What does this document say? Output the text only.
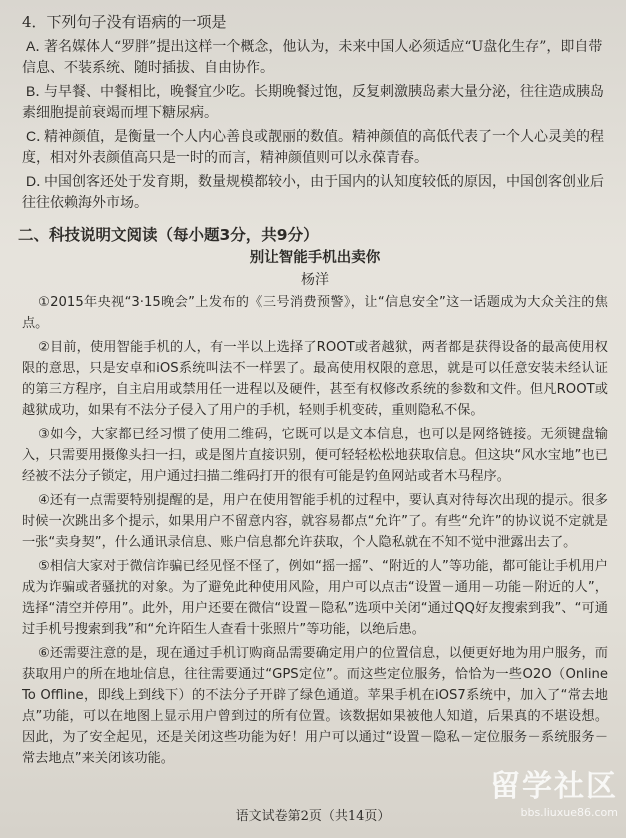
4．下列句子没有语病的一项是
A．著名媒体人“罗胖”提出这样一个概念，他认为，未来中国人必须适应“U盘化生存”，即自带信息、不装系统、随时插拔、自由协作。
B．与早餐、中餐相比，晚餐宜少吃。长期晚餐过饱，反复刺激胰岛素大量分泌，往往造成胰岛素细胞提前衰竭而埋下糖尿病。
C．精神颜值，是衡量一个人内心善良或靓丽的数值。精神颜值的高低代表了一个人心灵美的程度，相对外表颜值高只是一时的而言，精神颜值则可以永葆青春。
D．中国创客还处于发育期，数量规模都较小，由于国内的认知度较低的原因，中国创客创业后往往依赖海外市场。
二、科技说明文阅读（每小题3分，共9分）
别让智能手机出卖你
杨洋

①2015年央视“3·15晚会”上发布的《三号消费预警》，让“信息安全”这一话题成为大众关注的焦点。

②目前，使用智能手机的人，有一半以上选择了ROOT或者越狱，两者都是获得设备的最高使用权限的意思，只是安卓和iOS系统叫法不一样罢了。最高使用权限的意思，就是可以任意安装未经认证的第三方程序，自主启用或禁用任一进程以及硬件，甚至有权修改系统的参数和文件。但凡ROOT或越狱成功，如果有不法分子侵入了用户的手机，轻则手机变砖，重则隐私不保。

③如今，大家都已经习惯了使用二维码，它既可以是文本信息，也可以是网络链接。无须键盘输入，只需要用摄像头扫一扫，或是图片直接识别，便可轻轻松松地获取信息。但这块“风水宝地”也已经被不法分子锁定，用户通过扫描二维码打开的很有可能是钓鱼网站或者木马程序。

④还有一点需要特别提醒的是，用户在使用智能手机的过程中，要认真对待每次出现的提示。很多时候一次跳出多个提示，如果用户不留意内容，就容易都点“允许”了。有些“允许”的协议说不定就是一张“卖身契”，什么通讯录信息、账户信息都允许获取，个人隐私就在不知不觉中泄露出去了。

⑤相信大家对于微信诈骗已经见怪不怪了，例如“摇一摇”、“附近的人”等功能，都可能让手机用户成为诈骗或者骚扰的对象。为了避免此种使用风险，用户可以点击“设置－通用－功能－附近的人”，选择“清空并停用”。此外，用户还要在微信“设置－隐私”选项中关闭“通过QQ好友搜索到我”、“可通过手机号搜索到我”和“允许陌生人查看十张照片”等功能，以绝后患。

⑥还需要注意的是，现在通过手机订购商品需要确定用户的位置信息，以便更好地为用户服务，而获取用户的所在地址信息，往往需要通过“GPS定位”。而这些定位服务，恰恰为一些O2O（Online To Offline，即线上到线下）的不法分子开辟了绿色通道。苹果手机在iOS7系统中，加入了“常去地点”功能，可以在地图上显示用户曾到过的所有位置。该数据如果被他人知道，后果真的不堪设想。因此，为了安全起见，还是关闭这些功能为好！用户可以通过“设置－隐私－定位服务－系统服务－常去地点”来关闭该功能。

语文试卷第2页（共14页）
留学社区
bbs.liuxue86.com
